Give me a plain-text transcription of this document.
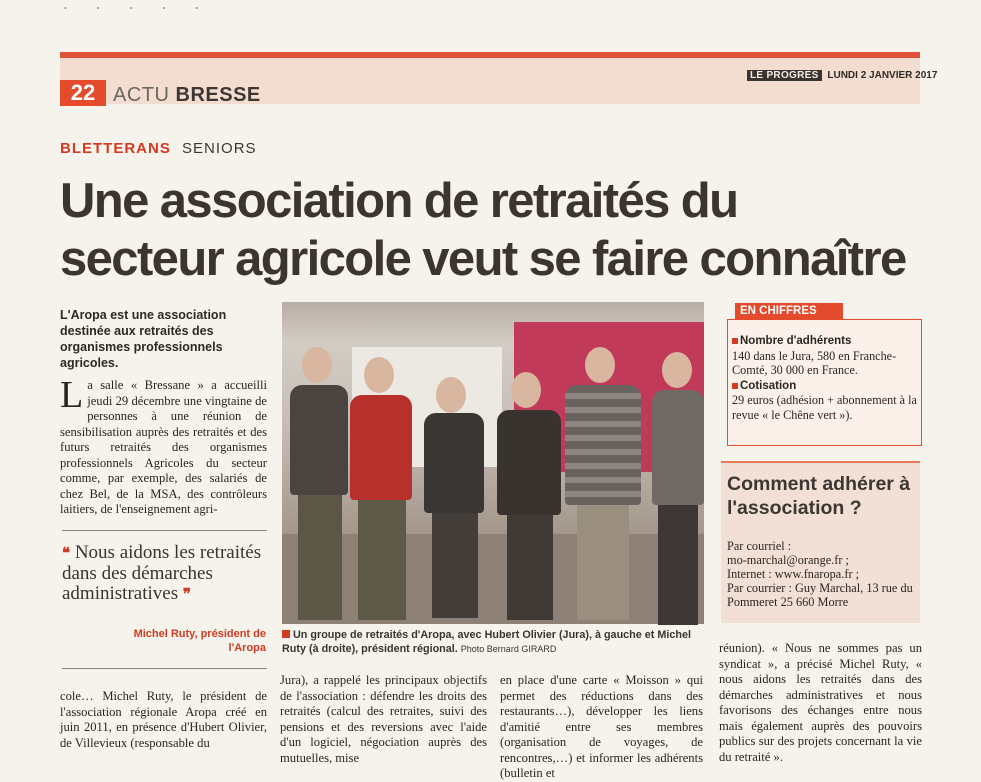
•••••
22 ACTU BRESSE
LE PROGRÈS LUNDI 2 JANVIER 2017
BLETTERANS SENIORS
Une association de retraités du
secteur agricole veut se faire connaître
L'Aropa est une association destinée aux retraités des organismes professionnels agricoles.
La salle « Bressane » a accueilli jeudi 29 décembre une vingtaine de personnes à une réunion de sensibilisation auprès des retraités et des futurs retraités des organismes professionnels Agricoles du secteur comme, par exemple, des salariés de chez Bel, de la MSA, des contrôleurs laitiers, de l'enseignement agri-
❝ Nous aidons les retraités dans des démarches administratives ❞
Michel Ruty, président de l'Aropa
cole… Michel Ruty, le président de l'association régionale Aropa créé en juin 2011, en présence d'Hubert Olivier, de Villevieux (responsable du
Un groupe de retraités d'Aropa, avec Hubert Olivier (Jura), à gauche et Michel Ruty (à droite), président régional. Photo Bernard GIRARD
Jura), a rappelé les principaux objectifs de l'association : défendre les droits des retraités (calcul des retraites, suivi des pensions et des reversions avec l'aide d'un logiciel, négociation auprès des mutuelles, mise
en place d'une carte « Moisson » qui permet des réductions dans des restaurants…), développer les liens d'amitié entre ses membres (organisation de voyages, de rencontres,…) et informer les adhérents (bulletin et
réunion). « Nous ne sommes pas un syndicat », a précisé Michel Ruty, « nous aidons les retraités dans des démarches administratives et nous favorisons des échanges entre nous mais également auprès des pouvoirs publics sur des projets concernant la vie du retraité ».
EN CHIFFRES
Nombre d'adhérents
140 dans le Jura, 580 en Franche-Comté, 30 000 en France.
Cotisation
29 euros (adhésion + abonnement à la revue « le Chêne vert »).
Comment adhérer à l'association ?
Par courriel :
mo-marchal@orange.fr ;
Internet : www.fnaropa.fr ;
Par courrier : Guy Marchal, 13 rue du Pommeret 25 660 Morre
